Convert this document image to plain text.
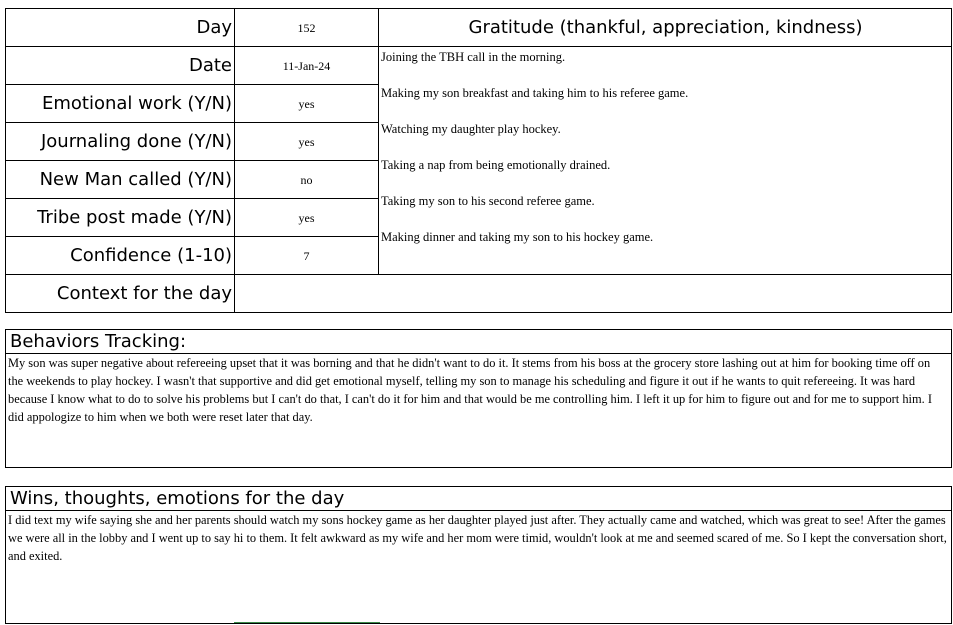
Day
Date
Emotional work (Y/N)
Journaling done (Y/N)
New Man called (Y/N)
Tribe post made (Y/N)
Confidence (1-10)
Context for the day
152
11-Jan-24
yes
yes
no
yes
7
Gratitude (thankful, appreciation, kindness)
Joining the TBH call in the morning.
Making my son breakfast and taking him to his referee game.
Watching my daughter play hockey.
Taking a nap from being emotionally drained.
Taking my son to his second referee game.
Making dinner and taking my son to his hockey game.
Behaviors Tracking:
My son was super negative about refereeing upset that it was borning and that he didn't want to do it. It stems from his boss at the grocery store lashing out at him for booking time off on the weekends to play hockey. I wasn't that supportive and did get emotional myself, telling my son to manage his scheduling and figure it out if he wants to quit refereeing. It was hard because I know what to do to solve his problems but I can't do that, I can't do it for him and that would be me controlling him. I left it up for him to figure out and for me to support him. I did appologize to him when we both were reset later that day.
Wins, thoughts, emotions for the day
I did text my wife saying she and her parents should watch my sons hockey game as her daughter played just after. They actually came and watched, which was great to see! After the games we were all in the lobby and I went up to say hi to them. It felt awkward as my wife and her mom were timid, wouldn't look at me and seemed scared of me. So I kept the conversation short, and exited.
